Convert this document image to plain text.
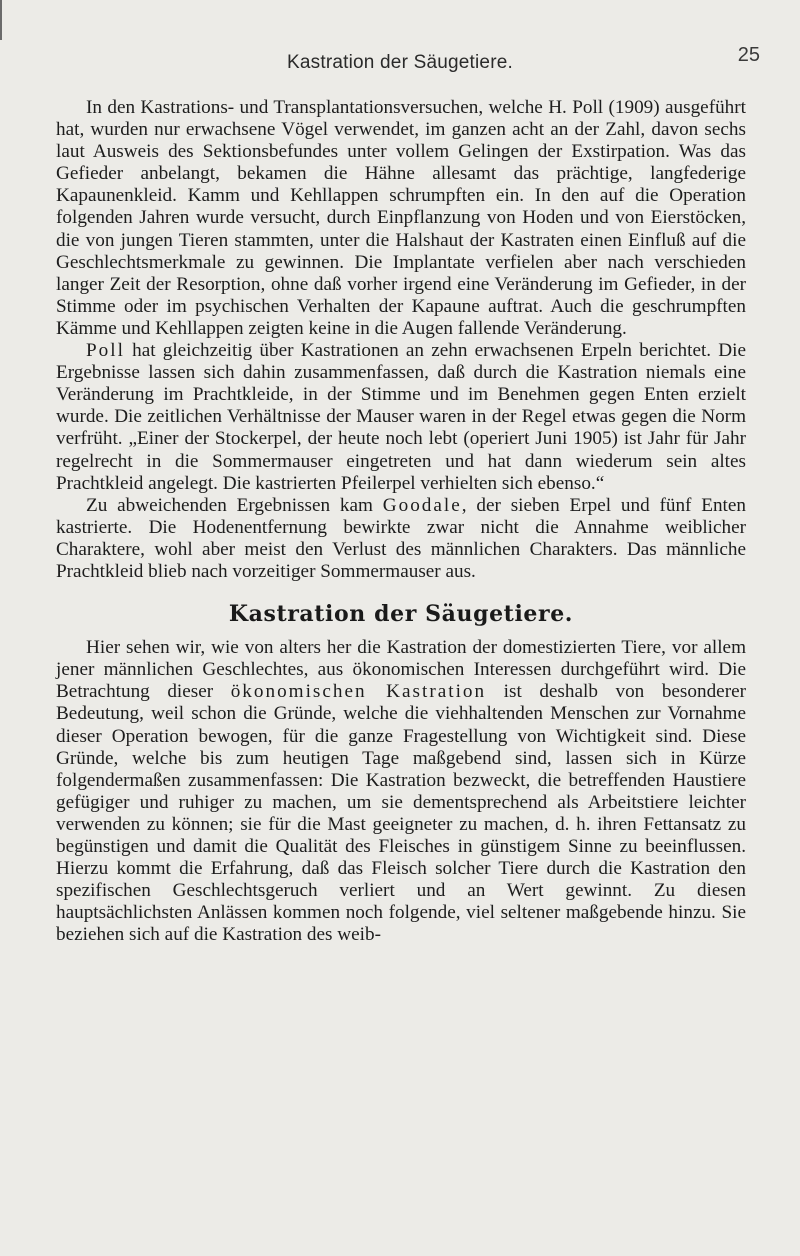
Kastration der Säugetiere.	25

In den Kastrations- und Transplantationsversuchen, welche H. Poll (1909) ausgeführt hat, wurden nur erwachsene Vögel verwendet, im ganzen acht an der Zahl, davon sechs laut Ausweis des Sektionsbefundes unter vollem Gelingen der Exstirpation. Was das Gefieder anbelangt, bekamen die Hähne allesamt das prächtige, langfederige Kapaunenkleid. Kamm und Kehllappen schrumpften ein. In den auf die Operation folgenden Jahren wurde versucht, durch Einpflanzung von Hoden und von Eierstöcken, die von jungen Tieren stammten, unter die Halshaut der Kastraten einen Einfluß auf die Geschlechtsmerkmale zu gewinnen. Die Implantate verfielen aber nach verschieden langer Zeit der Resorption, ohne daß vorher irgend eine Veränderung im Gefieder, in der Stimme oder im psychischen Verhalten der Kapaune auftrat. Auch die geschrumpften Kämme und Kehllappen zeigten keine in die Augen fallende Veränderung.

Poll hat gleichzeitig über Kastrationen an zehn erwachsenen Erpeln berichtet. Die Ergebnisse lassen sich dahin zusammenfassen, daß durch die Kastration niemals eine Veränderung im Prachtkleide, in der Stimme und im Benehmen gegen Enten erzielt wurde. Die zeitlichen Verhältnisse der Mauser waren in der Regel etwas gegen die Norm verfrüht. „Einer der Stockerpel, der heute noch lebt (operiert Juni 1905) ist Jahr für Jahr regelrecht in die Sommermauser eingetreten und hat dann wiederum sein altes Prachtkleid angelegt. Die kastrierten Pfeilerpel verhielten sich ebenso.“

Zu abweichenden Ergebnissen kam Goodale, der sieben Erpel und fünf Enten kastrierte. Die Hodenentfernung bewirkte zwar nicht die Annahme weiblicher Charaktere, wohl aber meist den Verlust des männlichen Charakters. Das männliche Prachtkleid blieb nach vorzeitiger Sommermauser aus.

Kastration der Säugetiere.

Hier sehen wir, wie von alters her die Kastration der domestizierten Tiere, vor allem jener männlichen Geschlechtes, aus ökonomischen Interessen durchgeführt wird. Die Betrachtung dieser ökonomischen Kastration ist deshalb von besonderer Bedeutung, weil schon die Gründe, welche die viehhaltenden Menschen zur Vornahme dieser Operation bewogen, für die ganze Fragestellung von Wichtigkeit sind. Diese Gründe, welche bis zum heutigen Tage maßgebend sind, lassen sich in Kürze folgendermaßen zusammenfassen: Die Kastration bezweckt, die betreffenden Haustiere gefügiger und ruhiger zu machen, um sie dementsprechend als Arbeitstiere leichter verwenden zu können; sie für die Mast geeigneter zu machen, d. h. ihren Fettansatz zu begünstigen und damit die Qualität des Fleisches in günstigem Sinne zu beeinflussen. Hierzu kommt die Erfahrung, daß das Fleisch solcher Tiere durch die Kastration den spezifischen Geschlechtsgeruch verliert und an Wert gewinnt. Zu diesen hauptsächlichsten Anlässen kommen noch folgende, viel seltener maßgebende hinzu. Sie beziehen sich auf die Kastration des weib-
